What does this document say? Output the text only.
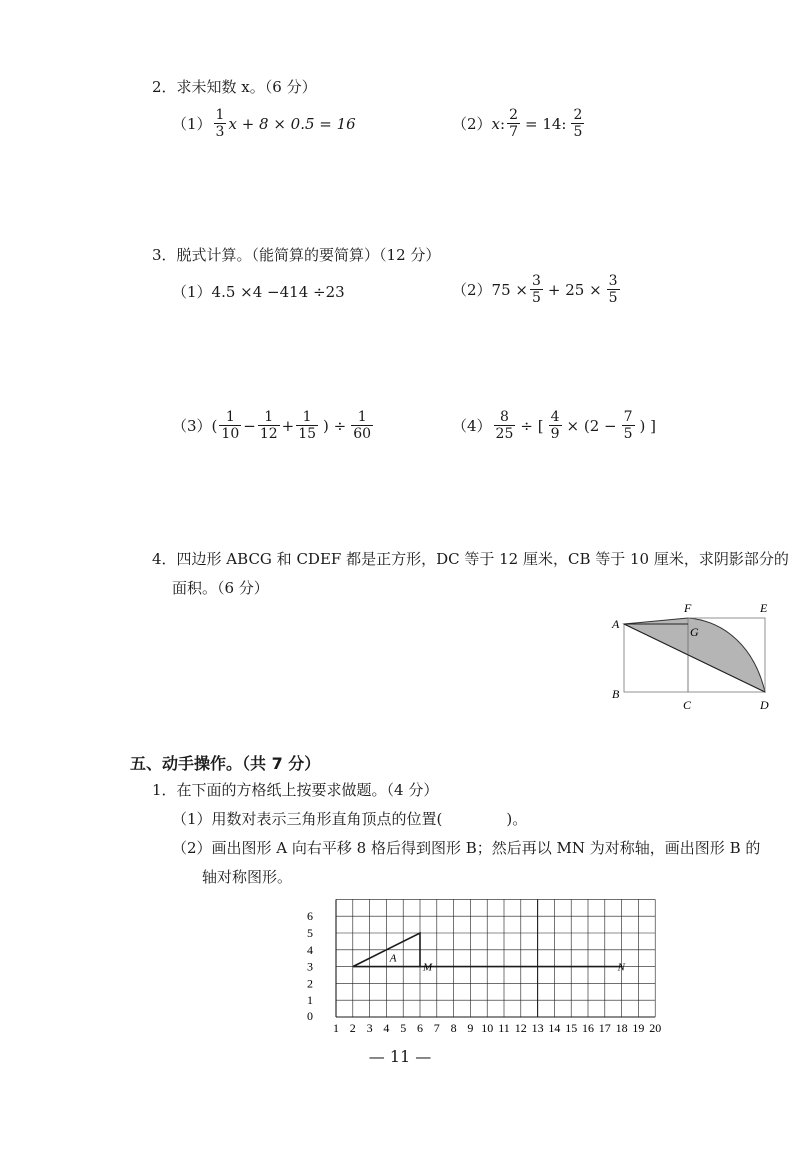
2．求未知数 x。（6 分）
$(1) \frac{1}{3}$ x + 8 × 0.5 = 16	（2） x : $\frac{2}{7} = 14$: $\frac{2}{5}$
3．脱式计算。（能简算的要简算）（12 分）
（1） 4.5 ×4 −414 ÷23	（2） $75 \times \frac{3}{5} + 25 \times \frac{3}{5}$
（3） ( $\frac{1}{10} - \frac{1}{12} + \frac{1}{15}$ ) ÷ $\frac{1}{60}$	$(4) \frac{8}{25}$ ÷ [ $\frac{4}{9} \times (2 - \frac{7}{5}$ ) ]
4．四边形 ABCG 和 CDEF 都是正方形，DC 等于 12 厘米，CB 等于 10 厘米，求阴影部分的
面积。（6 分）
A
B
C	D
E
F
G
五、动手操作。（共 7 分）
1．在下面的方格纸上按要求做题。（4 分）
（1）用数对表示三角形直角顶点的位置(	)。
（2）画出图形 A 向右平移 8 格后得到图形 B；然后再以 MN 为对称轴，画出图形 B 的
轴对称图形。
0
1 2 3 4 5 6 7 8 9 10 11 12 13 14 15 16 17 18 19 20
1
2
3
4
5
6
A
M	N
— 11 —
